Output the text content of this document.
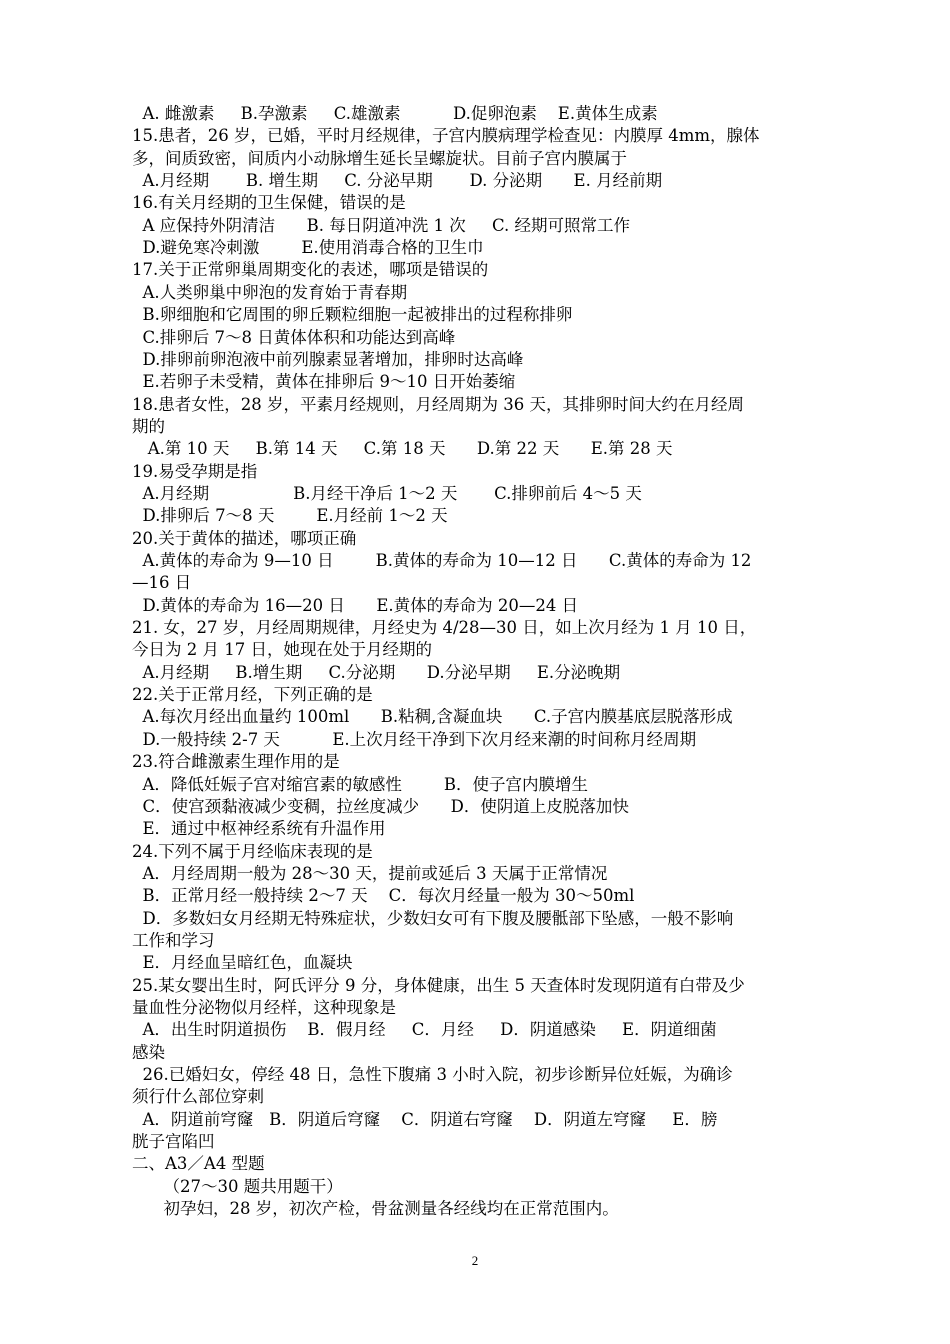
A. 雌激素     B.孕激素     C.雄激素          D.促卵泡素    E.黄体生成素
15.患者，26 岁，已婚，平时月经规律，子宫内膜病理学检查见：内膜厚 4mm，腺体
多，间质致密，间质内小动脉增生延长呈螺旋状。目前子宫内膜属于
A.月经期       B. 增生期     C. 分泌早期       D. 分泌期      E. 月经前期
16.有关月经期的卫生保健，错误的是
A 应保持外阴清洁      B. 每日阴道冲洗 1 次     C. 经期可照常工作
D.避免寒冷刺激        E.使用消毒合格的卫生巾
17.关于正常卵巢周期变化的表述，哪项是错误的
A.人类卵巢中卵泡的发育始于青春期
B.卵细胞和它周围的卵丘颗粒细胞一起被排出的过程称排卵
C.排卵后 7～8 日黄体体积和功能达到高峰
D.排卵前卵泡液中前列腺素显著增加，排卵时达高峰
E.若卵子未受精，黄体在排卵后 9～10 日开始萎缩
18.患者女性，28 岁，平素月经规则，月经周期为 36 天，其排卵时间大约在月经周
期的
A.第 10 天     B.第 14 天     C.第 18 天      D.第 22 天      E.第 28 天
19.易受孕期是指
A.月经期                B.月经干净后 1～2 天       C.排卵前后 4～5 天
D.排卵后 7～8 天        E.月经前 1～2 天
20.关于黄体的描述，哪项正确
A.黄体的寿命为 9—10 日        B.黄体的寿命为 10—12 日      C.黄体的寿命为 12
—16 日
D.黄体的寿命为 16—20 日      E.黄体的寿命为 20—24 日
21. 女，27 岁，月经周期规律，月经史为 4/28—30 日，如上次月经为 1 月 10 日，
今日为 2 月 17 日，她现在处于月经期的
A.月经期     B.增生期     C.分泌期      D.分泌早期     E.分泌晚期
22.关于正常月经，下列正确的是
A.每次月经出血量约 100ml      B.粘稠,含凝血块      C.子宫内膜基底层脱落形成
D.一般持续 2-7 天          E.上次月经干净到下次月经来潮的时间称月经周期
23.符合雌激素生理作用的是
A．降低妊娠子宫对缩宫素的敏感性        B．使子宫内膜增生
C．使宫颈黏液减少变稠，拉丝度减少      D．使阴道上皮脱落加快
E．通过中枢神经系统有升温作用
24.下列不属于月经临床表现的是
A．月经周期一般为 28～30 天，提前或延后 3 天属于正常情况
B．正常月经一般持续 2～7 天    C．每次月经量一般为 30～50ml
D．多数妇女月经期无特殊症状，少数妇女可有下腹及腰骶部下坠感，一般不影响
工作和学习
E．月经血呈暗红色，血凝块
25.某女婴出生时，阿氏评分 9 分，身体健康，出生 5 天查体时发现阴道有白带及少
量血性分泌物似月经样，这种现象是
A．出生时阴道损伤    B．假月经     C．月经     D．阴道感染     E．阴道细菌
感染
26.已婚妇女，停经 48 日，急性下腹痛 3 小时入院，初步诊断异位妊娠，为确诊
须行什么部位穿刺
A．阴道前穹窿   B．阴道后穹窿    C．阴道右穹窿    D．阴道左穹窿     E．膀
胱子宫陷凹
二、A3／A4 型题
（27～30 题共用题干）
初孕妇，28 岁，初次产检，骨盆测量各经线均在正常范围内。
2
